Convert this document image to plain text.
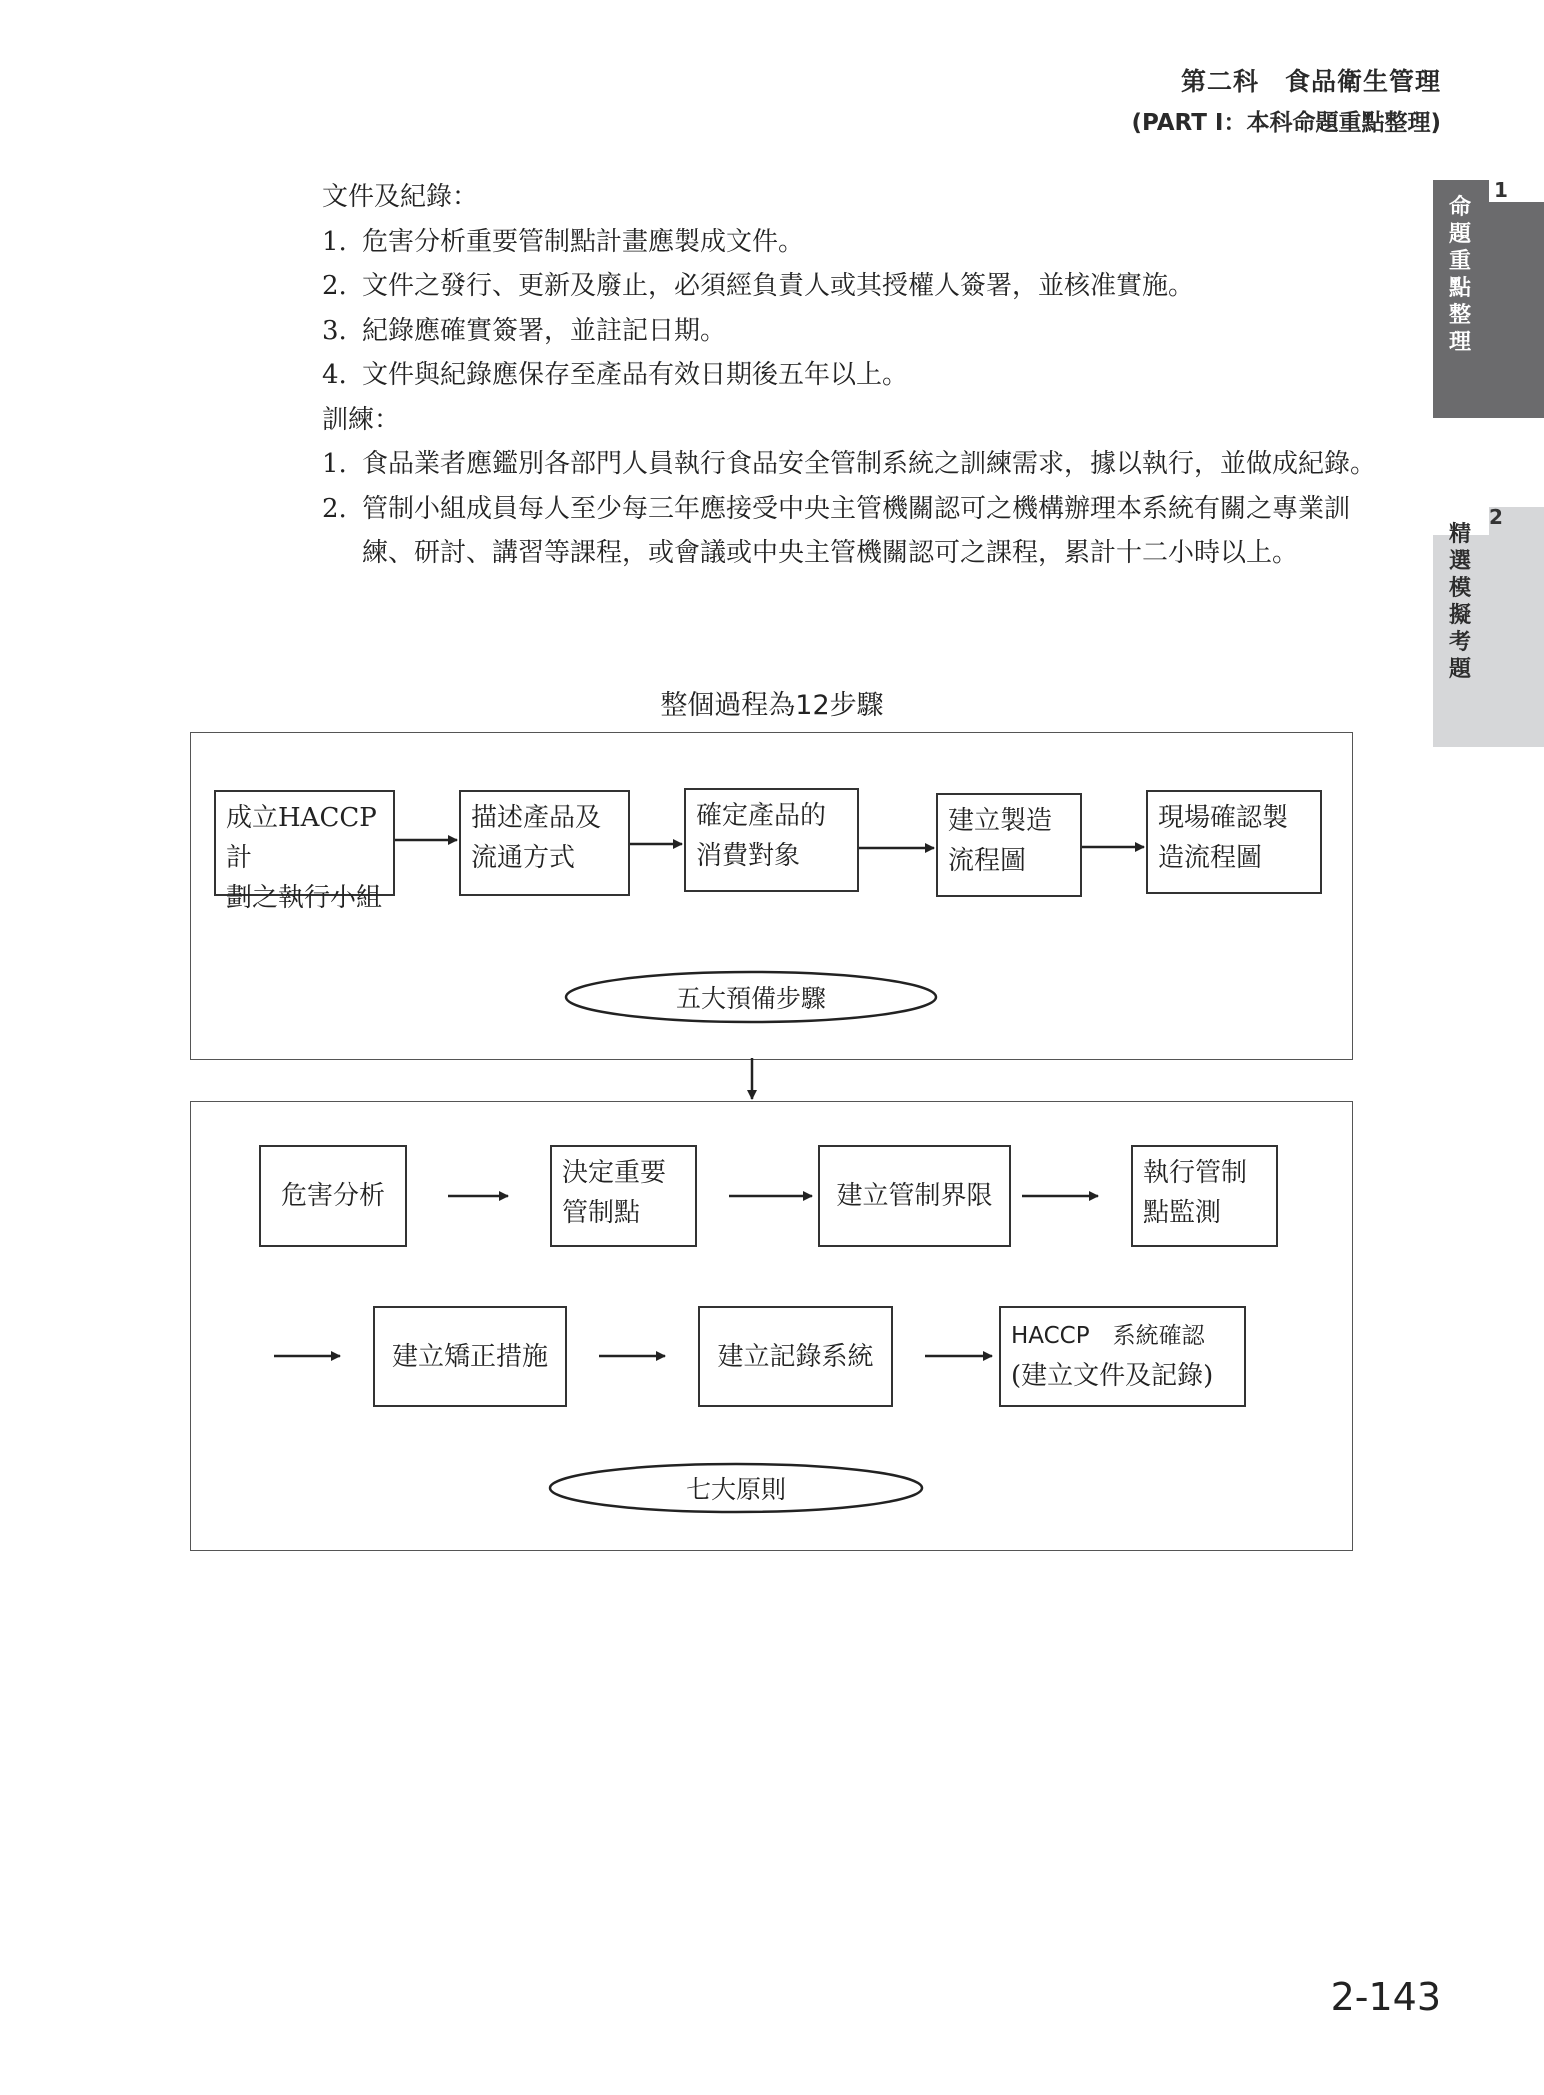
第二科　食品衛生管理
(PART I：本科命題重點整理)
1
命題重點整理
2
精選模擬考題

文件及紀錄：

1. 危害分析重要管制點計畫應製成文件。

2. 文件之發行、更新及廢止，必須經負責人或其授權人簽署，並核准實施。

3. 紀錄應確實簽署，並註記日期。

4. 文件與紀錄應保存至產品有效日期後五年以上。

訓練：

1. 食品業者應鑑別各部門人員執行食品安全管制系統之訓練需求，據以執行，並做成紀錄。

2. 管制小組成員每人至少每三年應接受中央主管機關認可之機構辦理本系統有關之專業訓練、研討、講習等課程，或會議或中央主管機關認可之課程，累計十二小時以上。

整個過程為12步驟
成立HACCP 計
劃之執行小組
描述產品及
流通方式
確定產品的
消費對象
建立製造
流程圖
現場確認製
造流程圖
五大預備步驟
危害分析
決定重要
管制點
建立管制界限
執行管制
點監測
建立矯正措施	建立記錄系統
HACCP　系統確認
(建立文件及記錄)
七大原則
2-143
